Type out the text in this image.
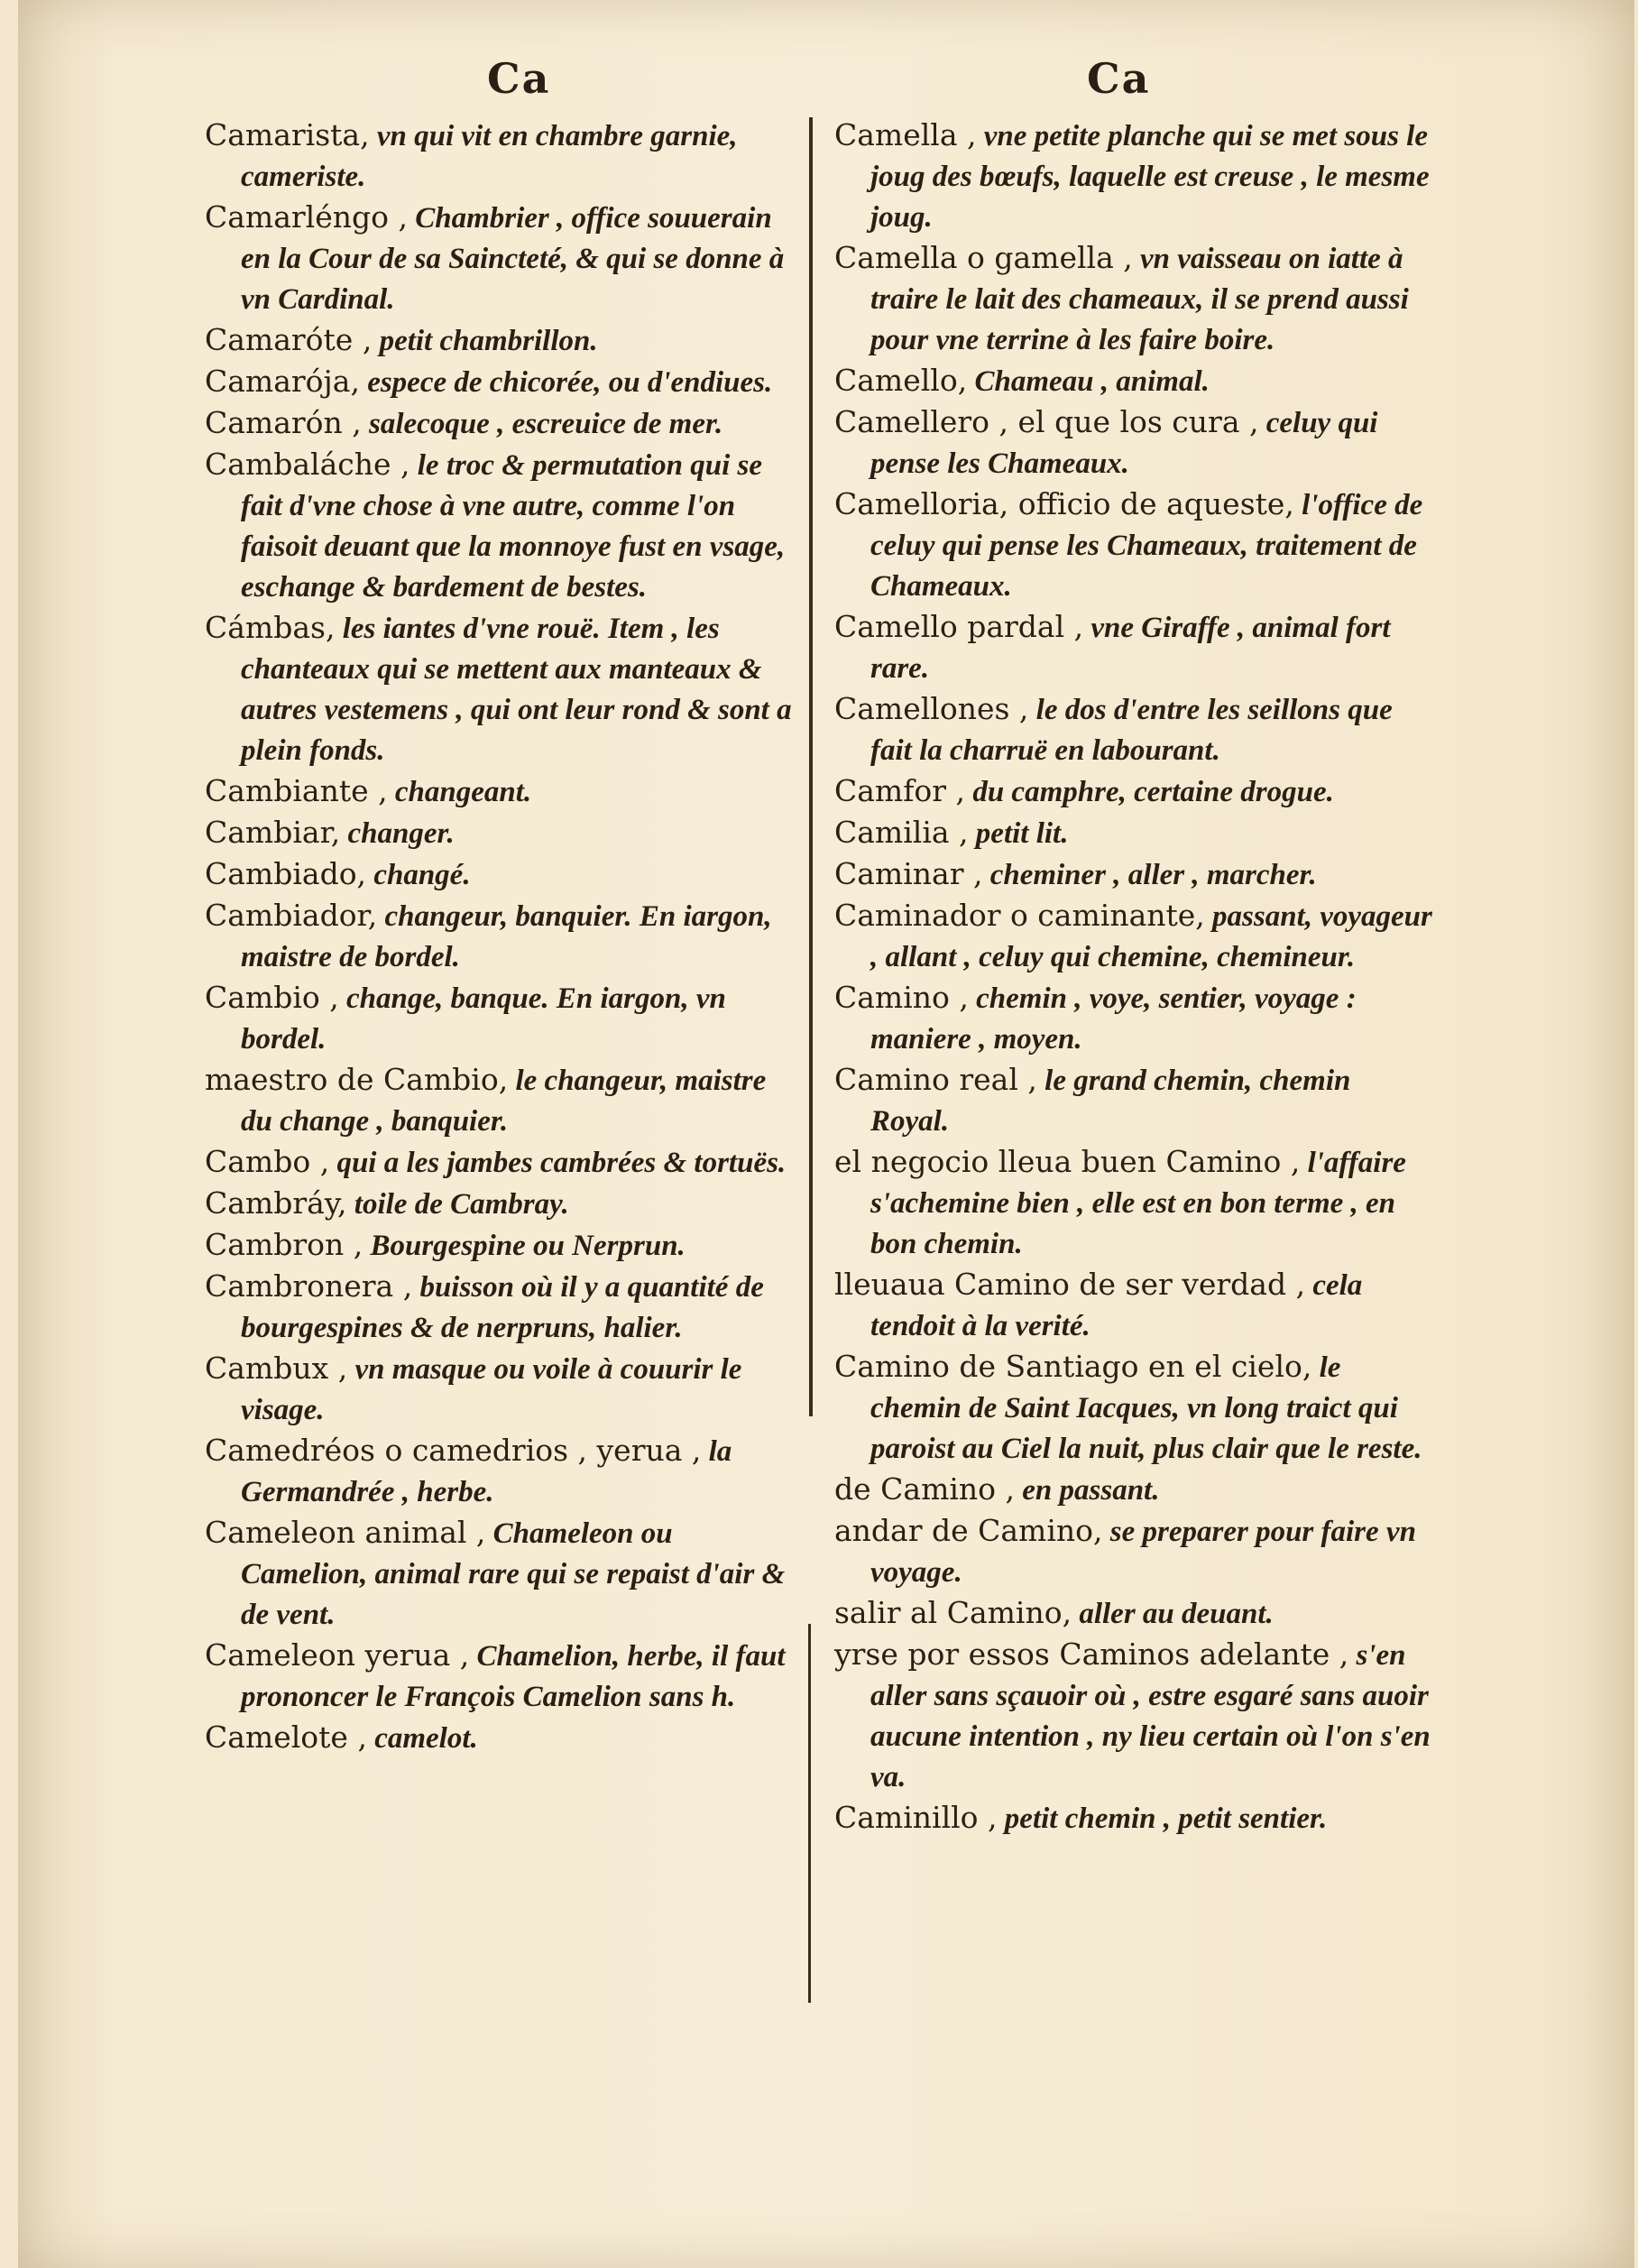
Ca	Ca
Camarista, vn qui vit en chambre garnie, cameriste.
Camarléngo , Chambrier , office souuerain en la Cour de sa Saincteté, & qui se donne à vn Cardinal.
Camaróte , petit chambrillon.
Camarója, espece de chicorée, ou d'endiues.
Camarón , salecoque , escreuice de mer.
Cambaláche , le troc & permutation qui se fait d'vne chose à vne autre, comme l'on faisoit deuant que la monnoye fust en vsage, eschange & bardement de bestes.
Cámbas, les iantes d'vne rouë. Item , les chanteaux qui se mettent aux manteaux & autres vestemens , qui ont leur rond & sont a plein fonds.
Cambiante , changeant.
Cambiar, changer.
Cambiado, changé.
Cambiador, changeur, banquier. En iargon, maistre de bordel.
Cambio , change, banque. En iargon, vn bordel.
maestro de Cambio, le changeur, maistre du change , banquier.
Cambo , qui a les jambes cambrées & tortuës.
Cambráy, toile de Cambray.
Cambron , Bourgespine ou Nerprun.
Cambronera , buisson où il y a quantité de bourgespines & de nerpruns, halier.
Cambux , vn masque ou voile à couurir le visage.
Camedréos o camedrios , yerua , la Germandrée , herbe.
Cameleon animal , Chameleon ou Camelion, animal rare qui se repaist d'air & de vent.
Cameleon yerua , Chamelion, herbe, il faut prononcer le François Camelion sans h.
Camelote , camelot.
Camella , vne petite planche qui se met sous le joug des bœufs, laquelle est creuse , le mesme joug.
Camella o gamella , vn vaisseau on iatte à traire le lait des chameaux, il se prend aussi pour vne terrine à les faire boire.
Camello, Chameau , animal.
Camellero , el que los cura , celuy qui pense les Chameaux.
Camelloria, officio de aqueste, l'office de celuy qui pense les Chameaux, traitement de Chameaux.
Camello pardal , vne Giraffe , animal fort rare.
Camellones , le dos d'entre les seillons que fait la charruë en labourant.
Camfor , du camphre, certaine drogue.
Camilia , petit lit.
Caminar , cheminer , aller , marcher.
Caminador o caminante, passant, voyageur , allant , celuy qui chemine, chemineur.
Camino , chemin , voye, sentier, voyage : maniere , moyen.
Camino real , le grand chemin, chemin Royal.
el negocio lleua buen Camino , l'affaire s'achemine bien , elle est en bon terme , en bon chemin.
lleuaua Camino de ser verdad , cela tendoit à la verité.
Camino de Santiago en el cielo, le chemin de Saint Iacques, vn long traict qui paroist au Ciel la nuit, plus clair que le reste.
de Camino , en passant.
andar de Camino, se preparer pour faire vn voyage.
salir al Camino, aller au deuant.
yrse por essos Caminos adelante , s'en aller sans sçauoir où , estre esgaré sans auoir aucune intention , ny lieu certain où l'on s'en va.
Caminillo , petit chemin , petit sentier.
